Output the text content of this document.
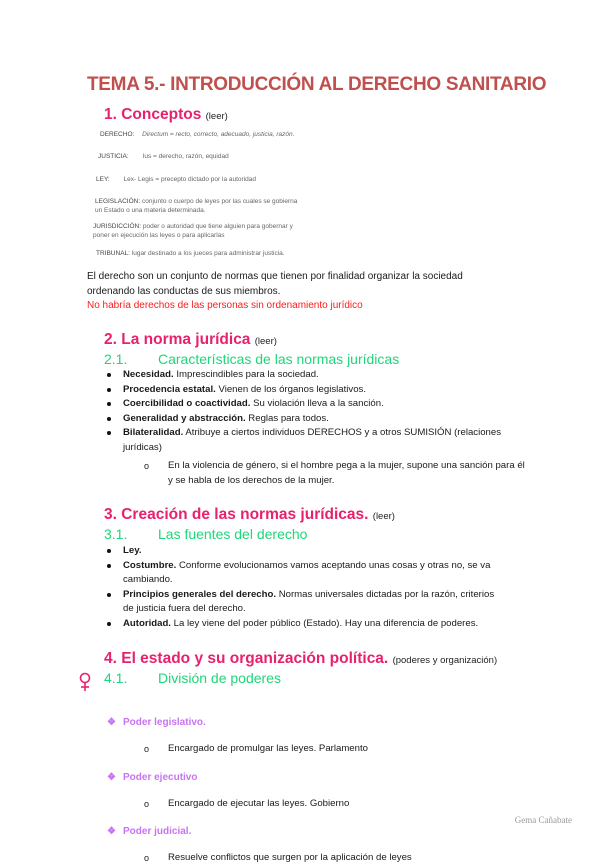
TEMA 5.- INTRODUCCIÓN AL DERECHO SANITARIO
1. Conceptos (leer)
DERECHO: Directum = recto, correcto, adecuado, justicia, razón.
JUSTICIA: Ius = derecho, razón, equidad
LEY: Lex- Legis = precepto dictado por la autoridad
LEGISLACIÓN: conjunto o cuerpo de leyes por las cuales se gobierna un Estado o una materia determinada.
JURISDICCIÓN: poder o autoridad que tiene alguien para gobernar y poner en ejecución las leyes o para aplicarlas
TRIBUNAL: lugar destinado a los jueces para administrar justicia.
El derecho son un conjunto de normas que tienen por finalidad organizar la sociedad
ordenando las conductas de sus miembros.
No habría derechos de las personas sin ordenamiento jurídico
2. La norma jurídica (leer)
2.1. Características de las normas jurídicas
Necesidad. Imprescindibles para la sociedad.
Procedencia estatal. Vienen de los órganos legislativos.
Coercibilidad o coactividad. Su violación lleva a la sanción.
Generalidad y abstracción. Reglas para todos.
Bilateralidad. Atribuye a ciertos individuos DERECHOS y a otros SUMISIÓN (relaciones jurídicas)
o En la violencia de género, si el hombre pega a la mujer, supone una sanción para él y se habla de los derechos de la mujer.
3. Creación de las normas jurídicas. (leer)
3.1. Las fuentes del derecho
Ley.
Costumbre. Conforme evolucionamos vamos aceptando unas cosas y otras no, se va cambiando.
Principios generales del derecho. Normas universales dictadas por la razón, criterios de justicia fuera del derecho.
Autoridad. La ley viene del poder público (Estado). Hay una diferencia de poderes.
4. El estado y su organización política. (poderes y organización)
4.1. División de poderes
❖ Poder legislativo.
o Encargado de promulgar las leyes. Parlamento
❖ Poder ejecutivo
o Encargado de ejecutar las leyes. Gobierno
❖ Poder judicial.
o Resuelve conflictos que surgen por la aplicación de leyes
Gema Cañabate
